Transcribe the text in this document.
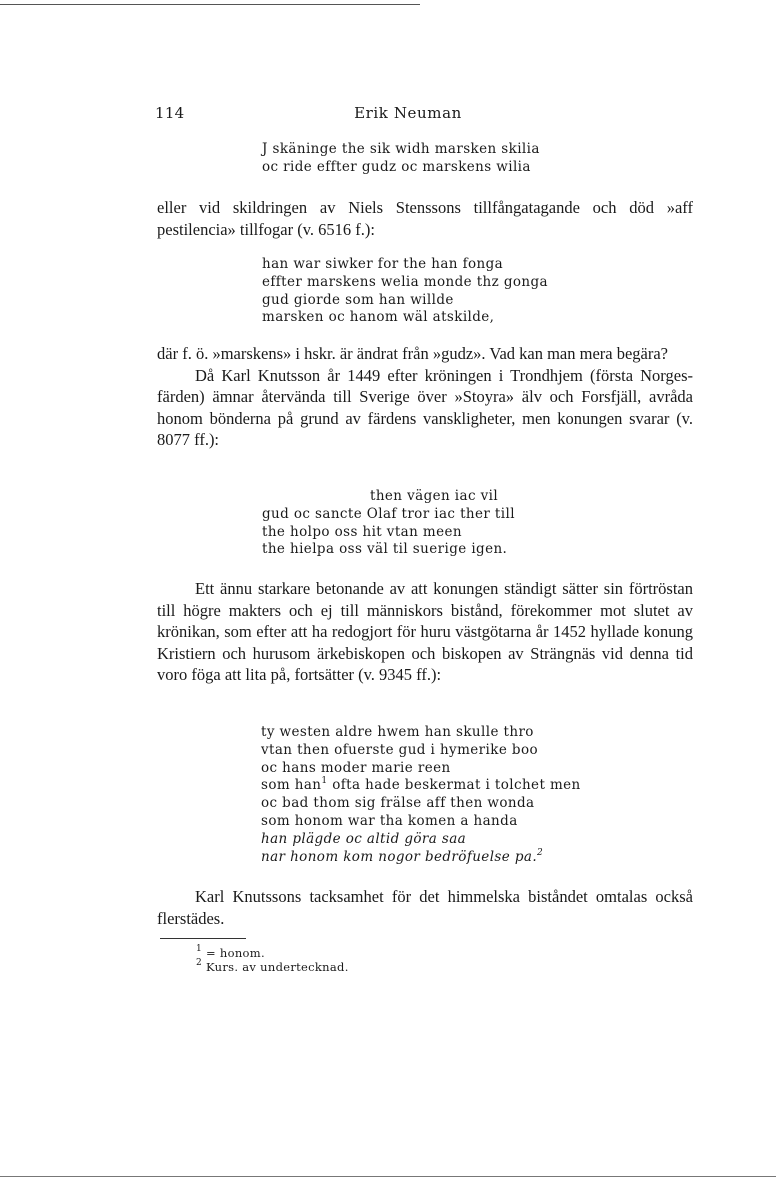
114	Erik Neuman
J skäninge the sik widh marsken skilia
oc ride effter gudz oc marskens wilia

eller vid skildringen av Niels Stenssons tillfångatagande och död »aff pestilencia» tillfogar (v. 6516 f.):

han war siwker for the han fonga
effter marskens welia monde thz gonga
gud giorde som han willde
marsken oc hanom wäl atskilde,

där f. ö. »marskens» i hskr. är ändrat från »gudz». Vad kan man mera begära?

Då Karl Knutsson år 1449 efter kröningen i Trondhjem (första Norges-färden) ämnar återvända till Sverige över »Stoyra» älv och Forsfjäll, avråda honom bönderna på grund av färdens vanskligheter, men konungen svarar (v. 8077 ff.):

then vägen iac vil
gud oc sancte Olaf tror iac ther till
the holpo oss hit vtan meen
the hielpa oss väl til suerige igen.

Ett ännu starkare betonande av att konungen ständigt sätter sin förtröstan till högre makters och ej till människors bistånd, förekommer mot slutet av krönikan, som efter att ha redogjort för huru västgötarna år 1452 hyllade konung Kristiern och hurusom ärkebiskopen och biskopen av Strängnäs vid denna tid voro föga att lita på, fortsätter (v. 9345 ff.):

ty westen aldre hwem han skulle thro
vtan then ofuerste gud i hymerike boo
oc hans moder marie reen
som han$^1$ ofta hade beskermat i tolchet men
oc bad thom sig frälse aff then wonda
som honom war tha komen a handa
han plägde oc altid göra saa
nar honom kom nogor bedröfuelse pa.$^2$

Karl Knutssons tacksamhet för det himmelska biståndet omtalas också flerstädes.

$^1$ = honom.
$^2$ Kurs. av undertecknad.
